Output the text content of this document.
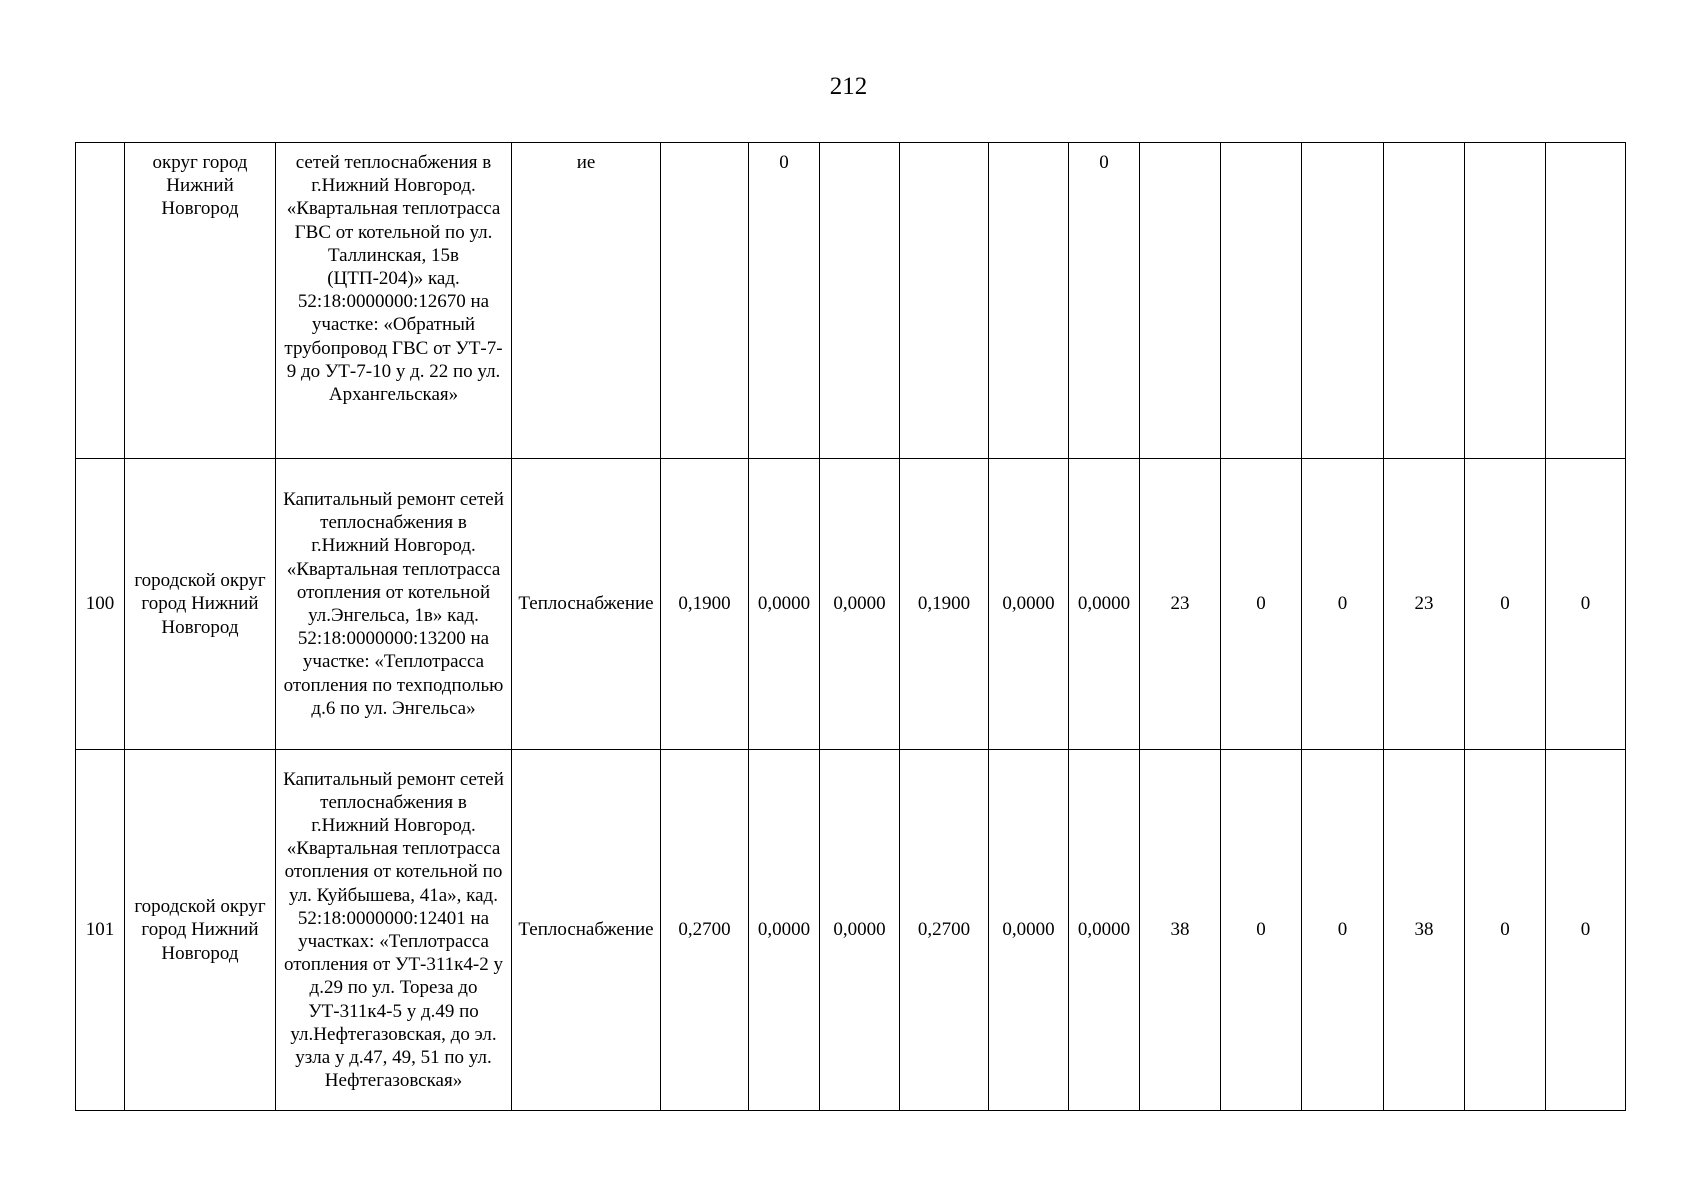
212
	округ город Нижний Новгород	сетей теплоснабжения в г.Нижний Новгород. «Квартальная теплотрасса ГВС от котельной по ул. Таллинская, 15в (ЦТП-204)» кад. 52:18:0000000:12670 на участке: «Обратный трубопровод ГВС от УТ-7-9 до УТ-7-10 у д. 22 по ул. Архангельская»	ие		0				0						
100	городской округ город Нижний Новгород	Капитальный ремонт сетей теплоснабжения в г.Нижний Новгород. «Квартальная теплотрасса отопления от котельной ул.Энгельса, 1в» кад. 52:18:0000000:13200 на участке: «Теплотрасса отопления по техподполью д.6 по ул. Энгельса»	Теплоснабжение	0,1900	0,0000	0,0000	0,1900	0,0000	0,0000	23	0	0	23	0	0
101	городской округ город Нижний Новгород	Капитальный ремонт сетей теплоснабжения в г.Нижний Новгород. «Квартальная теплотрасса отопления от котельной по ул. Куйбышева, 41а», кад. 52:18:0000000:12401 на участках: «Теплотрасса отопления от УТ-311к4-2 у д.29 по ул. Тореза до УТ-311к4-5 у д.49 по ул.Нефтегазовская, до эл. узла у д.47, 49, 51 по ул. Нефтегазовская»	Теплоснабжение	0,2700	0,0000	0,0000	0,2700	0,0000	0,0000	38	0	0	38	0	0
